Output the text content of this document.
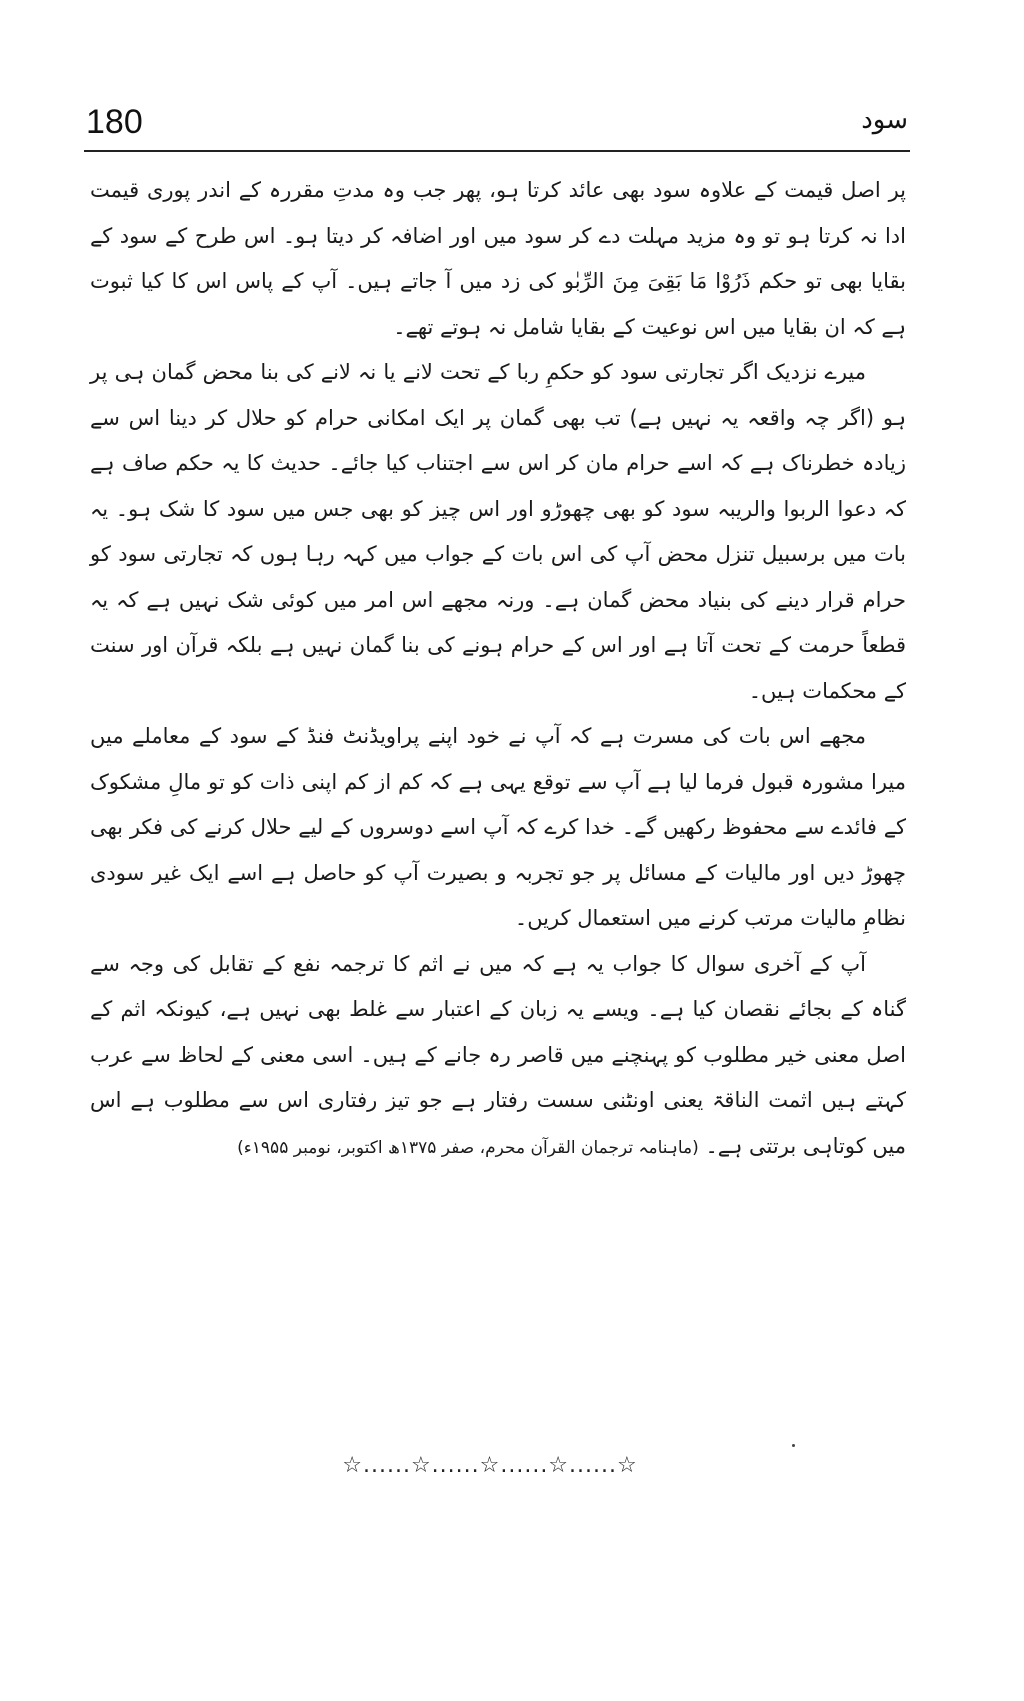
180	سود

پر اصل قیمت کے علاوہ سود بھی عائد کرتا ہو، پھر جب وہ مدتِ مقررہ کے اندر پوری قیمت ادا نہ کرتا ہو تو وہ مزید مہلت دے کر سود میں اور اضافہ کر دیتا ہو۔ اس طرح کے سود کے بقایا بھی تو حکم ذَرُوْا مَا بَقِیَ مِنَ الرِّبٰو کی زد میں آ جاتے ہیں۔ آپ کے پاس اس کا کیا ثبوت ہے کہ ان بقایا میں اس نوعیت کے بقایا شامل نہ ہوتے تھے۔

میرے نزدیک اگر تجارتی سود کو حکمِ ربا کے تحت لانے یا نہ لانے کی بنا محض گمان ہی پر ہو (اگر چہ واقعہ یہ نہیں ہے) تب بھی گمان پر ایک امکانی حرام کو حلال کر دینا اس سے زیادہ خطرناک ہے کہ اسے حرام مان کر اس سے اجتناب کیا جائے۔ حدیث کا یہ حکم صاف ہے کہ دعوا الربوا والریبہ سود کو بھی چھوڑو اور اس چیز کو بھی جس میں سود کا شک ہو۔ یہ بات میں برسبیل تنزل محض آپ کی اس بات کے جواب میں کہہ رہا ہوں کہ تجارتی سود کو حرام قرار دینے کی بنیاد محض گمان ہے۔ ورنہ مجھے اس امر میں کوئی شک نہیں ہے کہ یہ قطعاً حرمت کے تحت آتا ہے اور اس کے حرام ہونے کی بنا گمان نہیں ہے بلکہ قرآن اور سنت کے محکمات ہیں۔

مجھے اس بات کی مسرت ہے کہ آپ نے خود اپنے پراویڈنٹ فنڈ کے سود کے معاملے میں میرا مشورہ قبول فرما لیا ہے آپ سے توقع یہی ہے کہ کم از کم اپنی ذات کو تو مالِ مشکوک کے فائدے سے محفوظ رکھیں گے۔ خدا کرے کہ آپ اسے دوسروں کے لیے حلال کرنے کی فکر بھی چھوڑ دیں اور مالیات کے مسائل پر جو تجربہ و بصیرت آپ کو حاصل ہے اسے ایک غیر سودی نظامِ مالیات مرتب کرنے میں استعمال کریں۔

آپ کے آخری سوال کا جواب یہ ہے کہ میں نے اثم کا ترجمہ نفع کے تقابل کی وجہ سے گناہ کے بجائے نقصان کیا ہے۔ ویسے یہ زبان کے اعتبار سے غلط بھی نہیں ہے، کیونکہ اثم کے اصل معنی خیر مطلوب کو پہنچنے میں قاصر رہ جانے کے ہیں۔ اسی معنی کے لحاظ سے عرب کہتے ہیں اثمت الناقۃ یعنی اونٹنی سست رفتار ہے جو تیز رفتاری اس سے مطلوب ہے اس میں کوتاہی برتتی ہے۔ (ماہنامہ ترجمان القرآن محرم، صفر ۱۳۷۵ھ اکتوبر، نومبر ۱۹۵۵ء)

☆......☆......☆......☆......☆
